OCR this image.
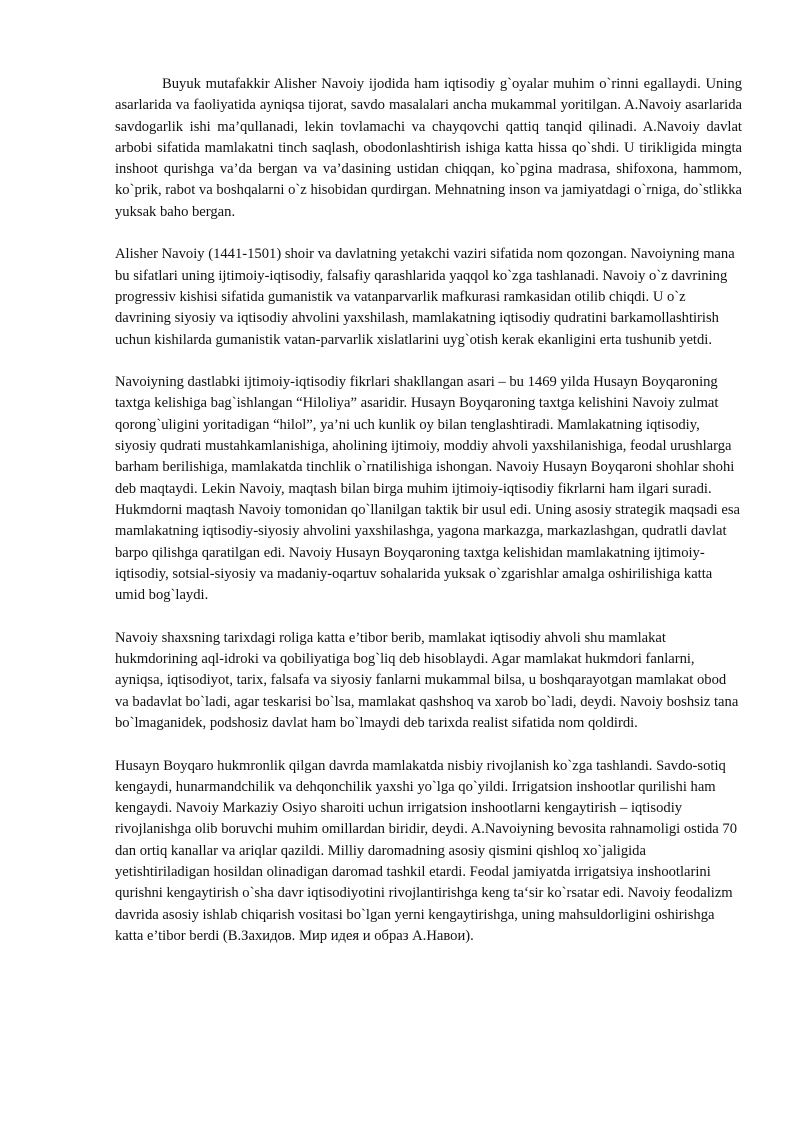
Buyuk mutafakkir Alisher Navoiy ijodida ham iqtisodiy g`oyalar muhim o`rinni egallaydi. Uning asarlarida va faoliyatida ayniqsa tijorat, savdo masalalari ancha mukammal yoritilgan. A.Navoiy asarlarida savdogarlik ishi ma’qullanadi, lekin tovlamachi va chayqovchi qattiq tanqid qilinadi. A.Navoiy davlat arbobi sifatida mamlakatni tinch saqlash, obodonlashtirish ishiga katta hissa qo`shdi. U tirikligida mingta inshoot qurishga va’da bergan va va’dasining ustidan chiqqan, ko`pgina madrasa, shifoxona, hammom, ko`prik, rabot va boshqalarni o`z hisobidan qurdirgan. Mehnatning inson va jamiyatdagi o`rniga, do`stlikka yuksak baho bergan.

Alisher Navoiy (1441-1501) shoir va davlatning yetakchi vaziri sifatida nom qozongan. Navoiyning mana bu sifatlari uning ijtimoiy-iqtisodiy, falsafiy qarashlarida yaqqol ko`zga tashlanadi. Navoiy o`z davrining progressiv kishisi sifatida gumanistik va vatanparvarlik mafkurasi ramkasidan otilib chiqdi. U o`z davrining siyosiy va iqtisodiy ahvolini yaxshilash, mamlakatning iqtisodiy qudratini barkamollashtirish uchun kishilarda gumanistik vatan-parvarlik xislatlarini uyg`otish kerak ekanligini erta tushunib yetdi.

Navoiyning dastlabki ijtimoiy-iqtisodiy fikrlari shakllangan asari – bu 1469 yilda Husayn Boyqaroning taxtga kelishiga bag`ishlangan “Hiloliya” asaridir. Husayn Boyqaroning taxtga kelishini Navoiy zulmat qorong`uligini yoritadigan “hilol”, ya’ni uch kunlik oy bilan tenglashtiradi. Mamlakatning iqtisodiy, siyosiy qudrati mustahkamlanishiga, aholining ijtimoiy, moddiy ahvoli yaxshilanishiga, feodal urushlarga barham berilishiga, mamlakatda tinchlik o`rnatilishiga ishongan. Navoiy Husayn Boyqaroni shohlar shohi deb maqtaydi. Lekin Navoiy, maqtash bilan birga muhim ijtimoiy-iqtisodiy fikrlarni ham ilgari suradi. Hukmdorni maqtash Navoiy tomonidan qo`llanilgan taktik bir usul edi. Uning asosiy strategik maqsadi esa mamlakatning iqtisodiy-siyosiy ahvolini yaxshilashga, yagona markazga, markazlashgan, qudratli davlat barpo qilishga qaratilgan edi. Navoiy Husayn Boyqaroning taxtga kelishidan mamlakatning ijtimoiy-iqtisodiy, sotsial-siyosiy va madaniy-oqartuv sohalarida yuksak o`zgarishlar amalga oshirilishiga katta umid bog`laydi.

Navoiy shaxsning tarixdagi roliga katta e’tibor berib, mamlakat iqtisodiy ahvoli shu mamlakat hukmdorining aql-idroki va qobiliyatiga bog`liq deb hisoblaydi. Agar mamlakat hukmdori fanlarni, ayniqsa, iqtisodiyot, tarix, falsafa va siyosiy fanlarni mukammal bilsa, u boshqarayotgan mamlakat obod va badavlat bo`ladi, agar teskarisi bo`lsa, mamlakat qashshoq va xarob bo`ladi, deydi. Navoiy boshsiz tana bo`lmaganidek, podshosiz davlat ham bo`lmaydi deb tarixda realist sifatida nom qoldirdi.

Husayn Boyqaro hukmronlik qilgan davrda mamlakatda nisbiy rivojlanish ko`zga tashlandi. Savdo-sotiq kengaydi, hunarmandchilik va dehqonchilik yaxshi yo`lga qo`yildi. Irrigatsion inshootlar qurilishi ham kengaydi. Navoiy Markaziy Osiyo sharoiti uchun irrigatsion inshootlarni kengaytirish – iqtisodiy rivojlanishga olib boruvchi muhim omillardan biridir, deydi. A.Navoiyning bevosita rahnamoligi ostida 70 dan ortiq kanallar va ariqlar qazildi. Milliy daromadning asosiy qismini qishloq xo`jaligida yetishtiriladigan hosildan olinadigan daromad tashkil etardi. Feodal jamiyatda irrigatsiya inshootlarini qurishni kengaytirish o`sha davr iqtisodiyotini rivojlantirishga keng ta‘sir ko`rsatar edi. Navoiy feodalizm davrida asosiy ishlab chiqarish vositasi bo`lgan yerni kengaytirishga, uning mahsuldorligini oshirishga katta e’tibor berdi (В.Захидов. Мир идея и образ А.Навои).
